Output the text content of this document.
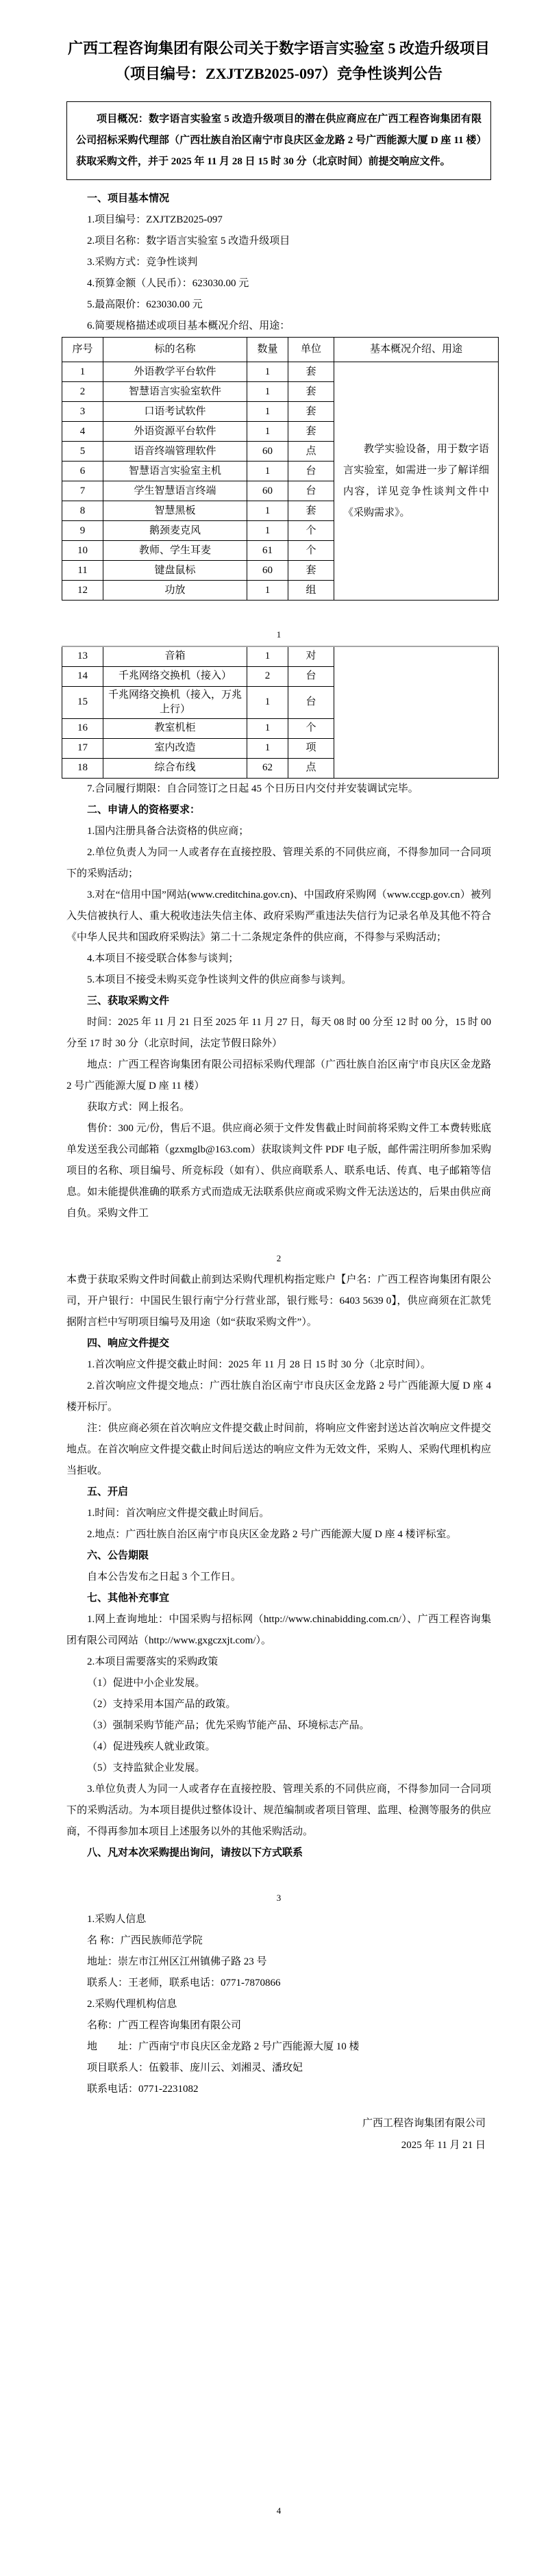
广西工程咨询集团有限公司关于数字语言实验室 5 改造升级项目
（项目编号：ZXJTZB2025-097）竞争性谈判公告
项目概况：数字语言实验室 5 改造升级项目的潜在供应商应在广西工程咨询集团有限公司招标采购代理部（广西壮族自治区南宁市良庆区金龙路 2 号广西能源大厦 D 座 11 楼）获取采购文件，并于 2025 年 11 月 28 日 15 时 30 分（北京时间）前提交响应文件。
一、项目基本情况
1.项目编号：ZXJTZB2025-097
2.项目名称：数字语言实验室 5 改造升级项目
3.采购方式：竞争性谈判
4.预算金额（人民币）：623030.00 元
5.最高限价：623030.00 元
6.简要规格描述或项目基本概况介绍、用途：
序号	标的名称	数量	单位	基本概况介绍、用途
1	外语教学平台软件	1	套	教学实验设备，用于数字语言实验室，如需进一步了解详细内容，详见竞争性谈判文件中《采购需求》。

2	智慧语言实验室软件	1	套	
3	口语考试软件	1	套	
4	外语资源平台软件	1	套	
5	语音终端管理软件	60	点	
6	智慧语言实验室主机	1	台	
7	学生智慧语言终端	60	台	
8	智慧黑板	1	套	
9	鹅颈麦克风	1	个	
10	教师、学生耳麦	61	个	
11	键盘鼠标	60	套	
12	功放	1	组	
1
13	音箱	1	对	
14	千兆网络交换机（接入）	2	台	
15	千兆网络交换机（接入，万兆上行）	1	台	
16	教室机柜	1	个	
17	室内改造	1	项	
18	综合布线	62	点	
7.合同履行期限：自合同签订之日起 45 个日历日内交付并安装调试完毕。
二、申请人的资格要求：
1.国内注册具备合法资格的供应商；
2.单位负责人为同一人或者存在直接控股、管理关系的不同供应商，不得参加同一合同项下的采购活动；
3.对在“信用中国”网站(www.creditchina.gov.cn)、中国政府采购网（www.ccgp.gov.cn）被列入失信被执行人、重大税收违法失信主体、政府采购严重违法失信行为记录名单及其他不符合《中华人民共和国政府采购法》第二十二条规定条件的供应商，不得参与采购活动；
4.本项目不接受联合体参与谈判；
5.本项目不接受未购买竞争性谈判文件的供应商参与谈判。
三、获取采购文件
时间：2025 年 11 月 21 日至 2025 年 11 月 27 日，每天 08 时 00 分至 12 时 00 分，15 时 00 分至 17 时 30 分（北京时间，法定节假日除外）
地点：广西工程咨询集团有限公司招标采购代理部（广西壮族自治区南宁市良庆区金龙路 2 号广西能源大厦 D 座 11 楼）
获取方式：网上报名。
售价：300 元/份，售后不退。供应商必须于文件发售截止时间前将采购文件工本费转账底单发送至我公司邮箱（gzxmglb@163.com）获取谈判文件 PDF 电子版，邮件需注明所参加采购项目的名称、项目编号、所竞标段（如有）、供应商联系人、联系电话、传真、电子邮箱等信息。如未能提供准确的联系方式而造成无法联系供应商或采购文件无法送达的，后果由供应商自负。采购文件工
2
本费于获取采购文件时间截止前到达采购代理机构指定账户【户名：广西工程咨询集团有限公司，开户银行：中国民生银行南宁分行营业部，银行账号：6403 5639 0】，供应商须在汇款凭据附言栏中写明项目编号及用途（如“获取采购文件”）。
四、响应文件提交
1.首次响应文件提交截止时间：2025 年 11 月 28 日 15 时 30 分（北京时间）。
2.首次响应文件提交地点：广西壮族自治区南宁市良庆区金龙路 2 号广西能源大厦 D 座 4 楼开标厅。
注：供应商必须在首次响应文件提交截止时间前，将响应文件密封送达首次响应文件提交地点。在首次响应文件提交截止时间后送达的响应文件为无效文件，采购人、采购代理机构应当拒收。
五、开启
1.时间：首次响应文件提交截止时间后。
2.地点：广西壮族自治区南宁市良庆区金龙路 2 号广西能源大厦 D 座 4 楼评标室。
六、公告期限
自本公告发布之日起 3 个工作日。
七、其他补充事宜
1.网上查询地址：中国采购与招标网（http://www.chinabidding.com.cn/）、广西工程咨询集团有限公司网站（http://www.gxgczxjt.com/）。
2.本项目需要落实的采购政策
（1）促进中小企业发展。
（2）支持采用本国产品的政策。
（3）强制采购节能产品；优先采购节能产品、环境标志产品。
（4）促进残疾人就业政策。
（5）支持监狱企业发展。
3.单位负责人为同一人或者存在直接控股、管理关系的不同供应商，不得参加同一合同项下的采购活动。为本项目提供过整体设计、规范编制或者项目管理、监理、检测等服务的供应商，不得再参加本项目上述服务以外的其他采购活动。
八、凡对本次采购提出询问，请按以下方式联系
3
1.采购人信息
名 称：广西民族师范学院
地址：崇左市江州区江州镇佛子路 23 号
联系人：王老师，联系电话：0771-7870866
2.采购代理机构信息
名称：广西工程咨询集团有限公司
地　　址：广西南宁市良庆区金龙路 2 号广西能源大厦 10 楼
项目联系人：伍毅菲、庞川云、刘湘灵、潘玫妃
联系电话：0771-2231082
广西工程咨询集团有限公司
2025 年 11 月 21 日
4
